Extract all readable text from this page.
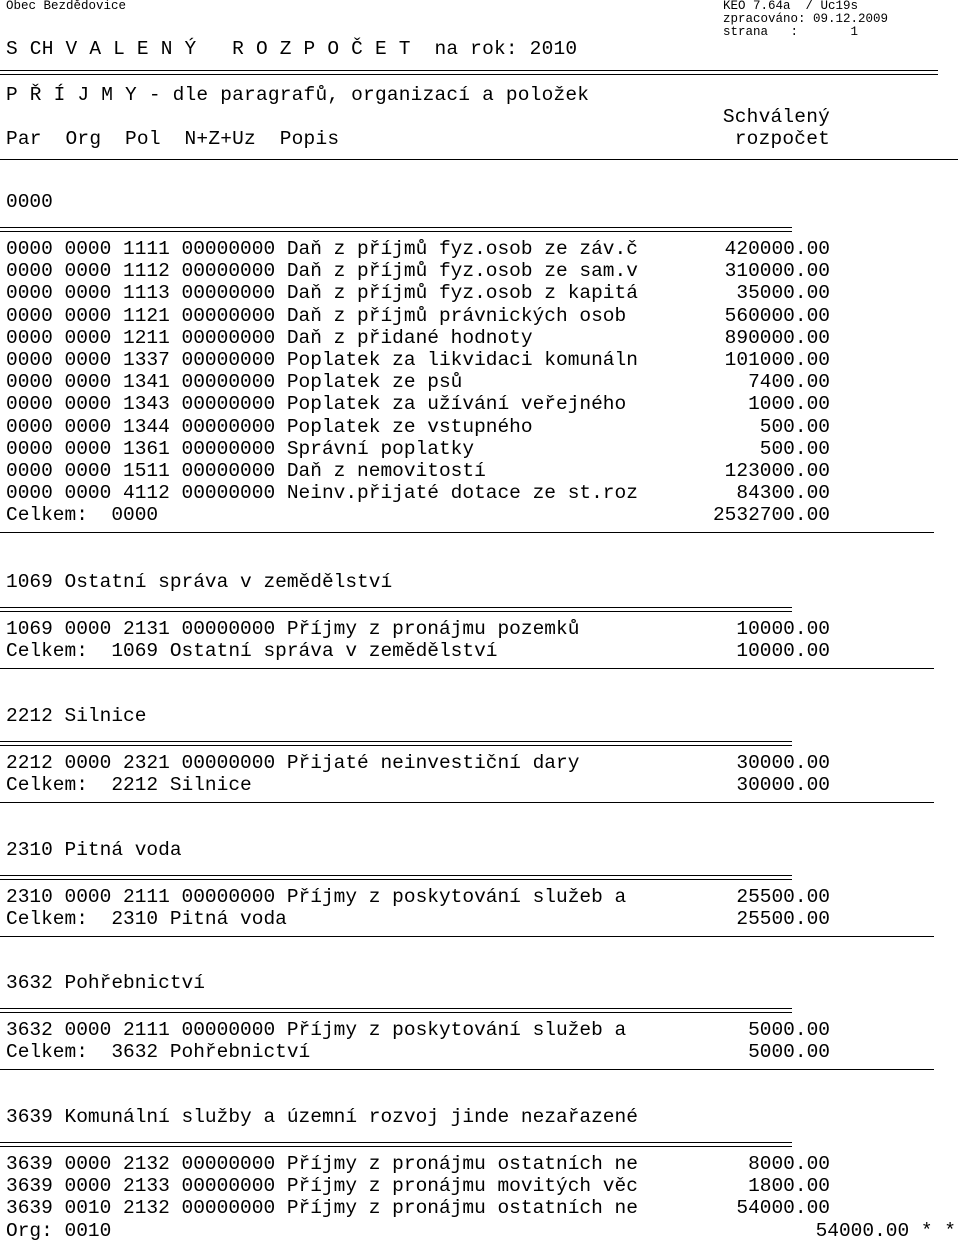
Obec Bezdědovice	KEO 7.64a  / Uc19s
zpracováno: 09.12.2009
strana   :       1
S CH V A L E N Ý   R O Z P O Č E T  na rok: 2010
P Ř Í J M Y - dle paragrafů, organizací a položek
Schválený
Par  Org  Pol  N+Z+Uz  Popis	rozpočet
0000
0000 0000 1111 00000000 Daň z příjmů fyz.osob ze záv.č	420000.00
0000 0000 1112 00000000 Daň z příjmů fyz.osob ze sam.v	310000.00
0000 0000 1113 00000000 Daň z příjmů fyz.osob z kapitá	35000.00
0000 0000 1121 00000000 Daň z příjmů právnických osob	560000.00
0000 0000 1211 00000000 Daň z přidané hodnoty	890000.00
0000 0000 1337 00000000 Poplatek za likvidaci komunáln	101000.00
0000 0000 1341 00000000 Poplatek ze psů	7400.00
0000 0000 1343 00000000 Poplatek za užívání veřejného	1000.00
0000 0000 1344 00000000 Poplatek ze vstupného	500.00
0000 0000 1361 00000000 Správní poplatky	500.00
0000 0000 1511 00000000 Daň z nemovitostí	123000.00
0000 0000 4112 00000000 Neinv.přijaté dotace ze st.roz	84300.00
Celkem:  0000	2532700.00
1069 Ostatní správa v zemědělství
1069 0000 2131 00000000 Příjmy z pronájmu pozemků	10000.00
Celkem:  1069 Ostatní správa v zemědělství	10000.00
2212 Silnice
2212 0000 2321 00000000 Přijaté neinvestiční dary	30000.00
Celkem:  2212 Silnice	30000.00
2310 Pitná voda
2310 0000 2111 00000000 Příjmy z poskytování služeb a	25500.00
Celkem:  2310 Pitná voda	25500.00
3632 Pohřebnictví
3632 0000 2111 00000000 Příjmy z poskytování služeb a	5000.00
Celkem:  3632 Pohřebnictví	5000.00
3639 Komunální služby a územní rozvoj jinde nezařazené
3639 0000 2132 00000000 Příjmy z pronájmu ostatních ne	8000.00
3639 0000 2133 00000000 Příjmy z pronájmu movitých věc	1800.00
3639 0010 2132 00000000 Příjmy z pronájmu ostatních ne	54000.00
Org: 0010	54000.00 * *
